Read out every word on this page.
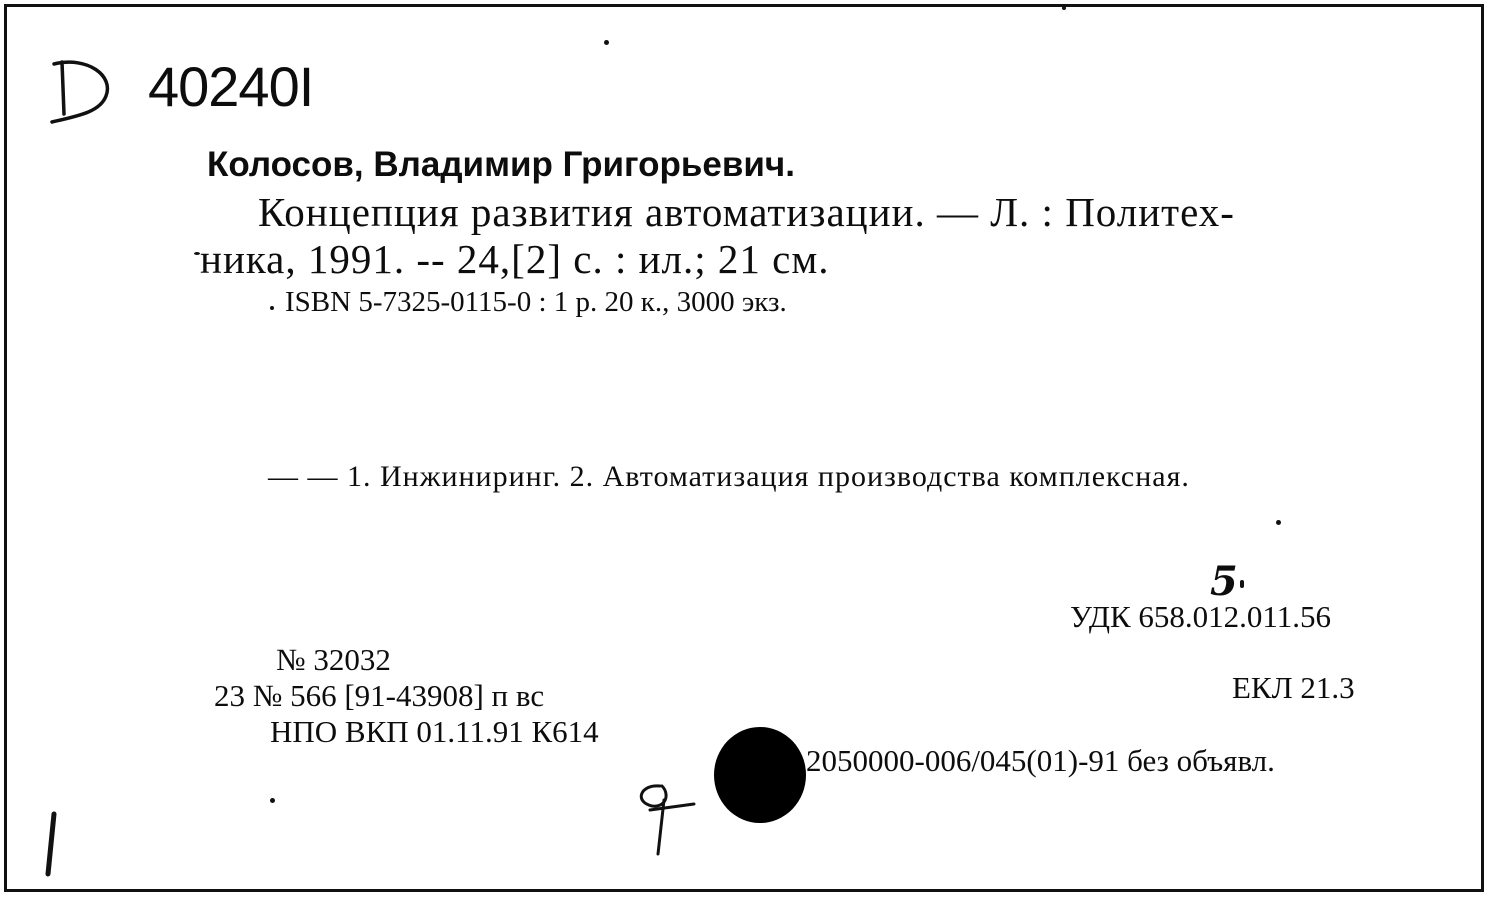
40240I
Колосов, Владимир Григорьевич.
Концепция развития автоматизации. — Л. : Политех-
ника, 1991. -- 24,[2] с. : ил.; 21 см.
ISBN 5-7325-0115-0 : 1 р. 20 к., 3000 экз.
— — 1. Инжиниринг. 2. Автоматизация производства комплексная.
5
УДК 658.012.011.56
ЕКЛ 21.3
2050000-006/045(01)-91 без объявл.
№ 32032
23 № 566 [91-43908] п вс
НПО ВКП 01.11.91 К614
